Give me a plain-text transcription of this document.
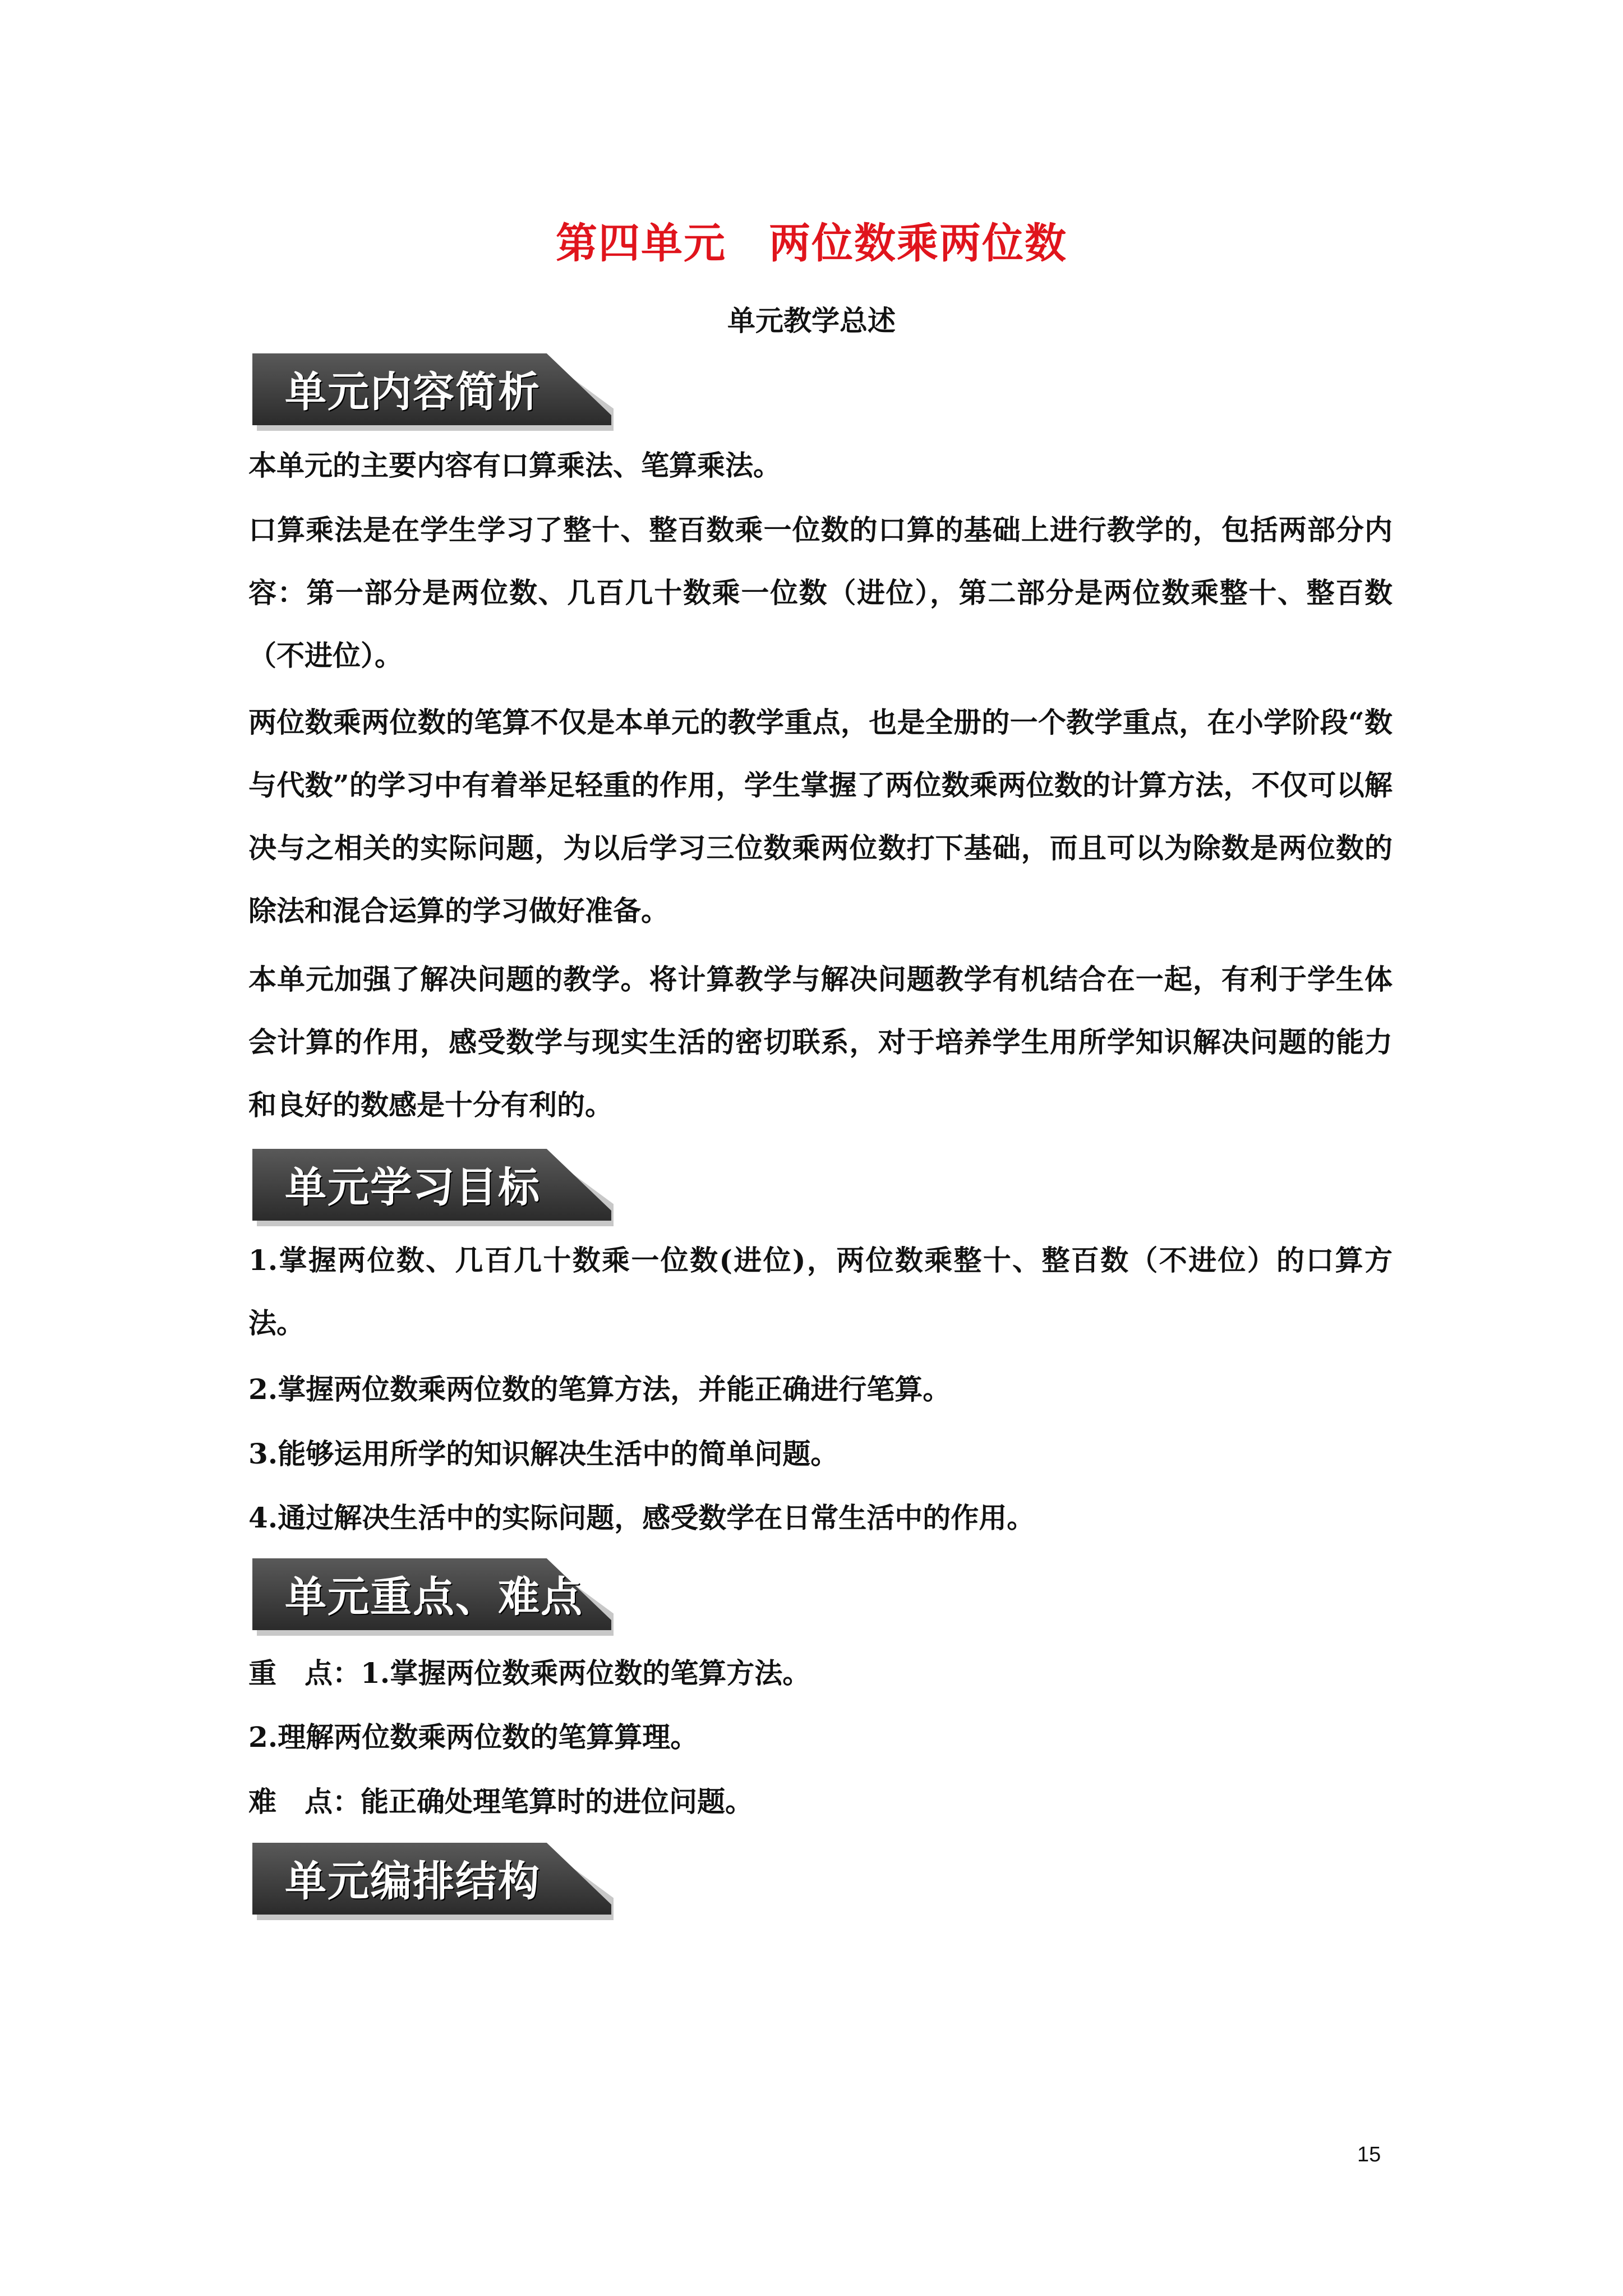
第四单元　两位数乘两位数
单元教学总述
单元内容简析

本单元的主要内容有口算乘法、笔算乘法。

口算乘法是在学生学习了整十、整百数乘一位数的口算的基础上进行教学的，包括两部分内容：第一部分是两位数、几百几十数乘一位数（进位），第二部分是两位数乘整十、整百数（不进位）。

两位数乘两位数的笔算不仅是本单元的教学重点，也是全册的一个教学重点，在小学阶段“数与代数”的学习中有着举足轻重的作用，学生掌握了两位数乘两位数的计算方法，不仅可以解决与之相关的实际问题，为以后学习三位数乘两位数打下基础，而且可以为除数是两位数的除法和混合运算的学习做好准备。

本单元加强了解决问题的教学。将计算教学与解决问题教学有机结合在一起，有利于学生体会计算的作用，感受数学与现实生活的密切联系，对于培养学生用所学知识解决问题的能力和良好的数感是十分有利的。

单元学习目标

1.掌握两位数、几百几十数乘一位数(进位)，两位数乘整十、整百数（不进位）的口算方法。

2.掌握两位数乘两位数的笔算方法，并能正确进行笔算。

3.能够运用所学的知识解决生活中的简单问题。

4.通过解决生活中的实际问题，感受数学在日常生活中的作用。

单元重点、难点

重　点：1.掌握两位数乘两位数的笔算方法。

2.理解两位数乘两位数的笔算算理。

难　点：能正确处理笔算时的进位问题。

单元编排结构
15
